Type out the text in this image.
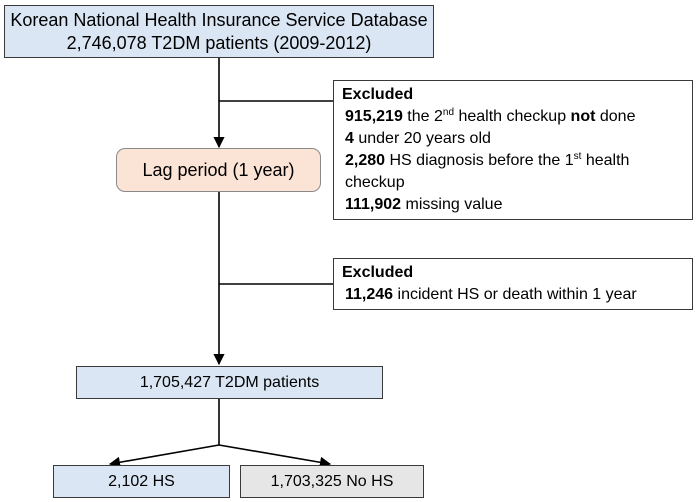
Korean National Health Insurance Service Database
2,746,078 T2DM patients (2009-2012)
Excluded
915,219 the 2nd health checkup not done
4 under 20 years old
2,280 HS diagnosis before the 1st health checkup
111,902 missing value
Lag period (1 year)
Excluded
11,246 incident HS or death within 1 year
1,705,427 T2DM patients
2,102 HS	1,703,325 No HS
